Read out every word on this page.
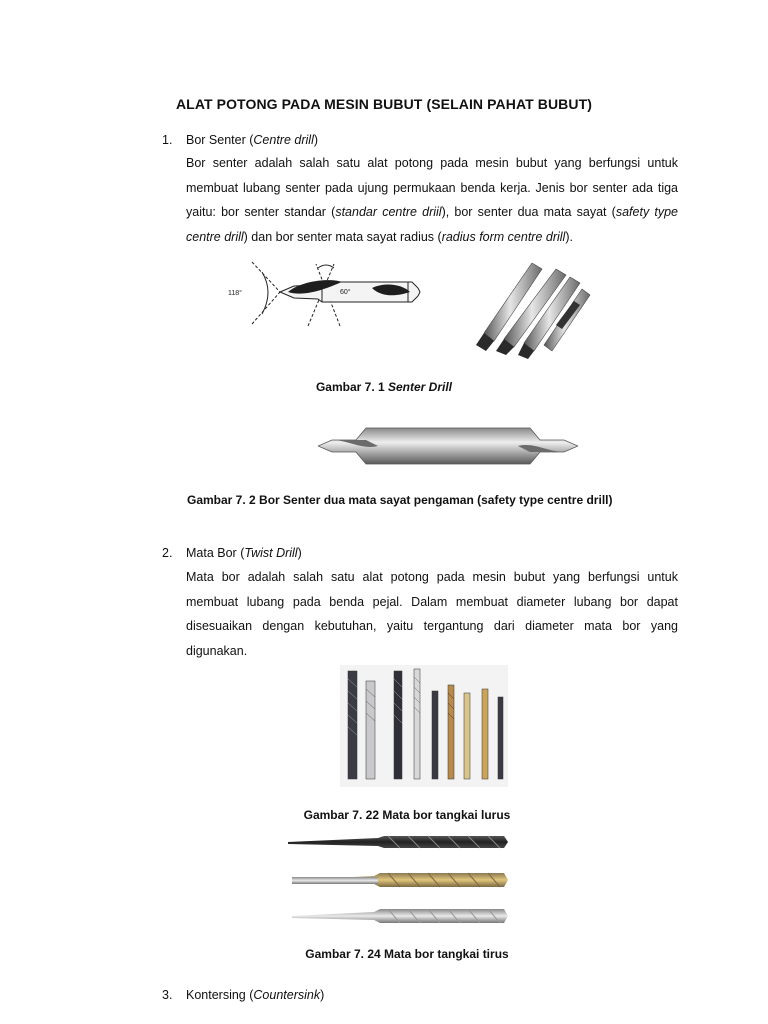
ALAT POTONG PADA MESIN BUBUT (SELAIN PAHAT BUBUT)
1. Bor Senter (Centre drill)
Bor senter adalah salah satu alat potong pada mesin bubut yang berfungsi untuk membuat lubang senter pada ujung permukaan benda kerja. Jenis bor senter ada tiga yaitu: bor senter standar (standar centre driil), bor senter dua mata sayat (safety type centre drill) dan bor senter mata sayat radius (radius form centre drill).
118°	60°
Gambar 7. 1 Senter Drill
Gambar 7. 2 Bor Senter dua mata sayat pengaman (safety type centre drill)
2. Mata Bor (Twist Drill)
Mata bor adalah salah satu alat potong pada mesin bubut yang berfungsi untuk membuat lubang pada benda pejal. Dalam membuat diameter lubang bor dapat disesuaikan dengan kebutuhan, yaitu tergantung dari diameter mata bor yang digunakan.
Gambar 7. 22 Mata bor tangkai lurus
Gambar 7. 24 Mata bor tangkai tirus
3. Kontersing (Countersink)
